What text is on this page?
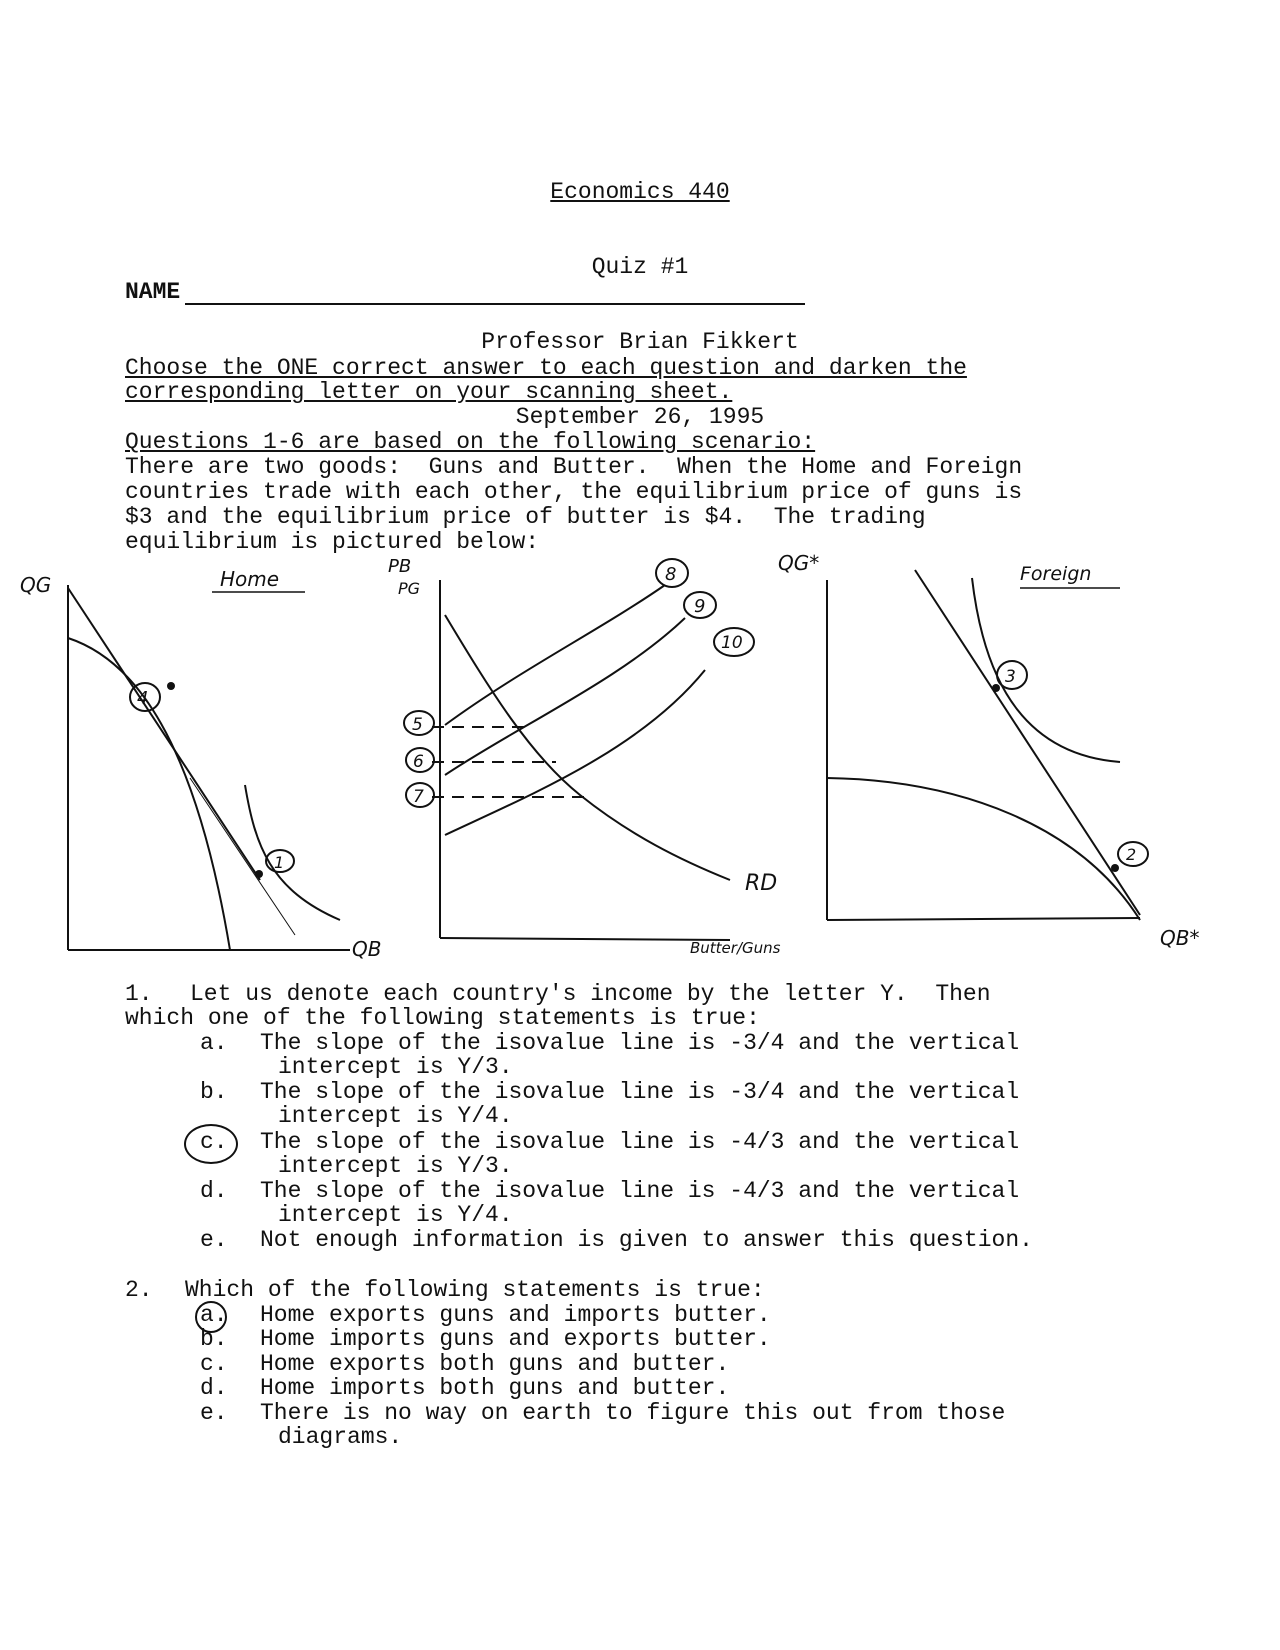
Economics 440

Quiz #1

Professor Brian Fikkert

September 26, 1995

NAME
Choose the ONE correct answer to each question and darken the
corresponding letter on your scanning sheet.
Questions 1-6 are based on the following scenario:
There are two goods:  Guns and Butter.  When the Home and Foreign
countries trade with each other, the equilibrium price of guns is
$3 and the equilibrium price of butter is $4.  The trading
equilibrium is pictured below:
QG	Home
QB
4
1
PB
PG
Butter/Guns
RD
8
9
10
5
6
7
QG*	Foreign
QB*
3
2
1. Let us denote each country's income by the letter Y.  Then
which one of the following statements is true:
a. The slope of the isovalue line is -3/4 and the vertical
intercept is Y/3.
b. The slope of the isovalue line is -3/4 and the vertical
intercept is Y/4.
c. The slope of the isovalue line is -4/3 and the vertical
intercept is Y/3.
d. The slope of the isovalue line is -4/3 and the vertical
intercept is Y/4.
e. Not enough information is given to answer this question.
2. Which of the following statements is true:
a. Home exports guns and imports butter.
b. Home imports guns and exports butter.
c. Home exports both guns and butter.
d. Home imports both guns and butter.
e. There is no way on earth to figure this out from those
diagrams.
